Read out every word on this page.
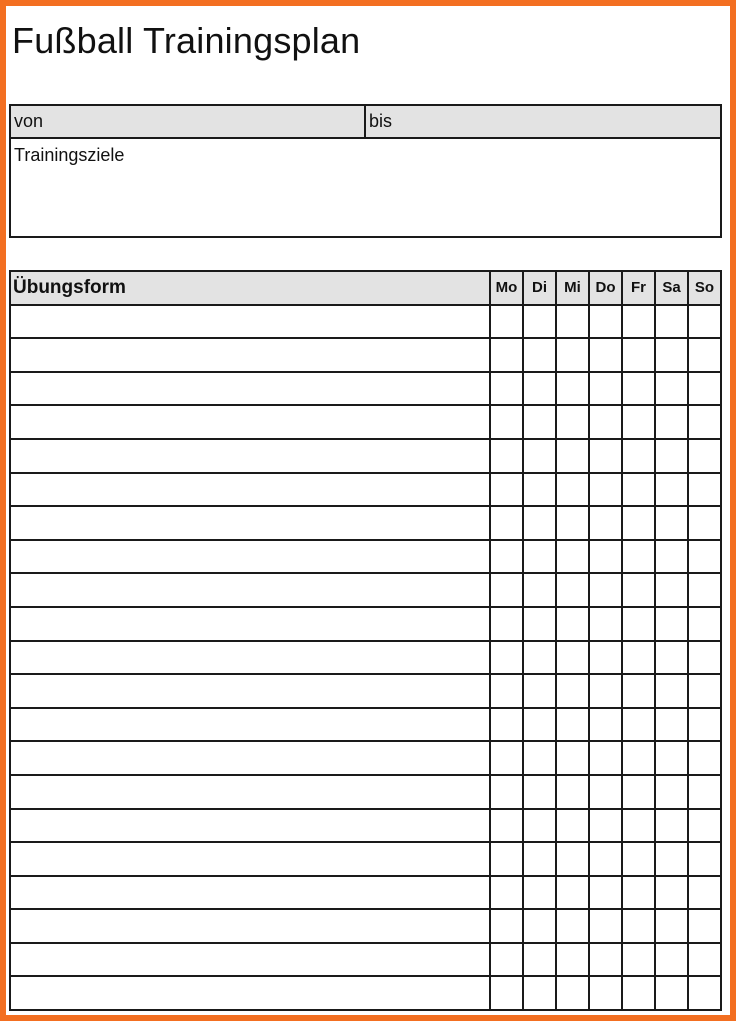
Fußball Trainingsplan
von	bis
Trainingsziele
Übungsform	Mo	Di	Mi	Do	Fr	Sa	So
